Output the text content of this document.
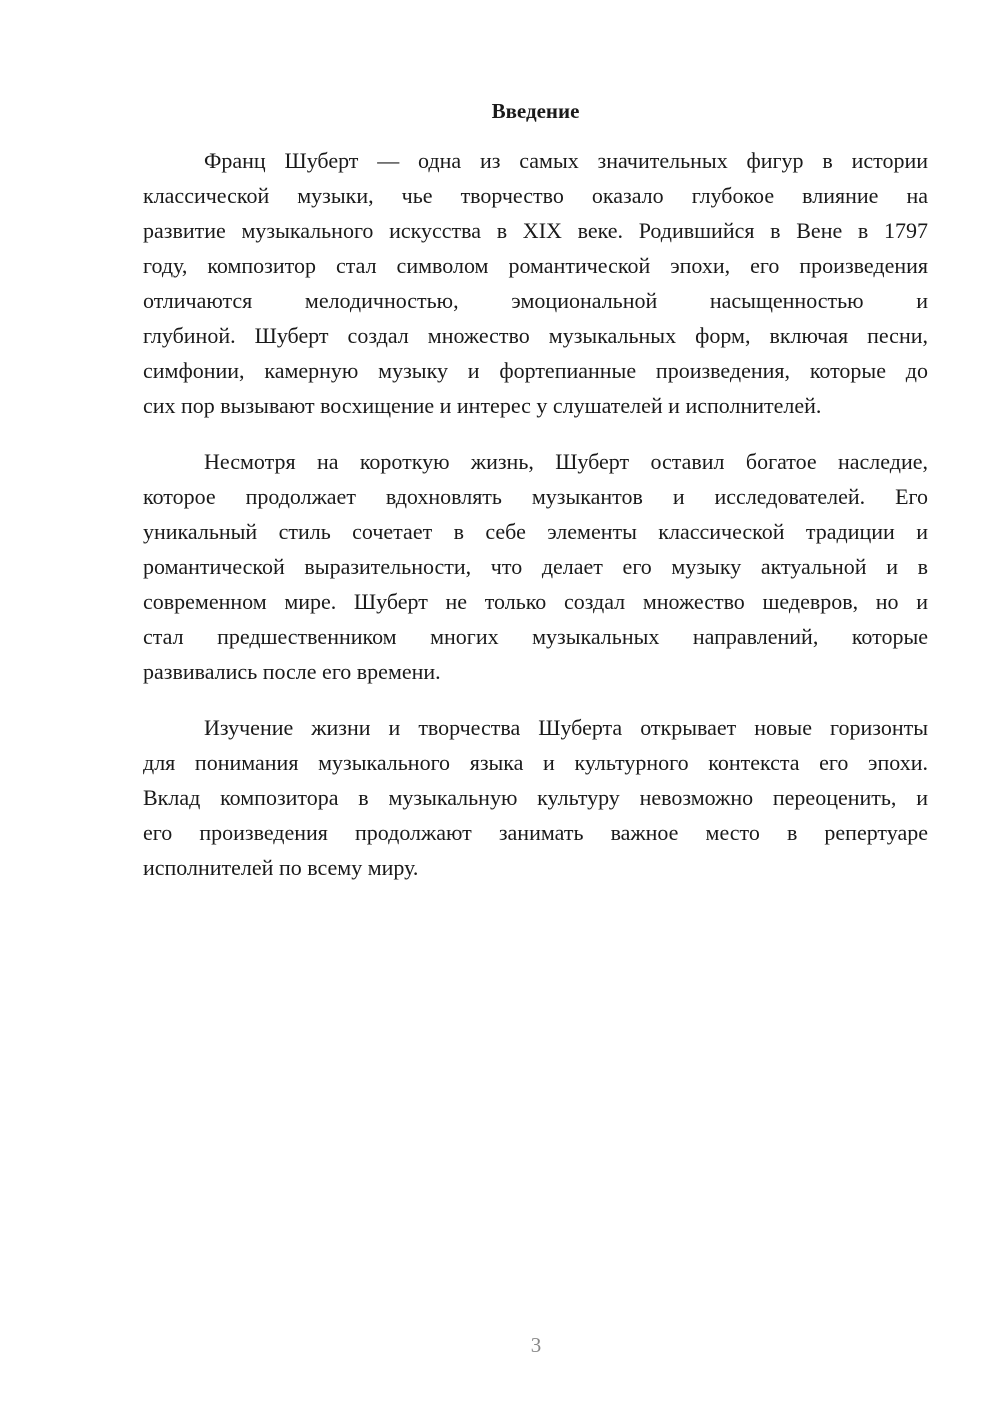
Введение
Франц Шуберт — одна из самых значительных фигур в истории
классической музыки, чье творчество оказало глубокое влияние на
развитие музыкального искусства в XIX веке. Родившийся в Вене в 1797
году, композитор стал символом романтической эпохи, его произведения
отличаются мелодичностью, эмоциональной насыщенностью и
глубиной. Шуберт создал множество музыкальных форм, включая песни,
симфонии, камерную музыку и фортепианные произведения, которые до
сих пор вызывают восхищение и интерес у слушателей и исполнителей.
Несмотря на короткую жизнь, Шуберт оставил богатое наследие,
которое продолжает вдохновлять музыкантов и исследователей. Его
уникальный стиль сочетает в себе элементы классической традиции и
романтической выразительности, что делает его музыку актуальной и в
современном мире. Шуберт не только создал множество шедевров, но и
стал предшественником многих музыкальных направлений, которые
развивались после его времени.
Изучение жизни и творчества Шуберта открывает новые горизонты
для понимания музыкального языка и культурного контекста его эпохи.
Вклад композитора в музыкальную культуру невозможно переоценить, и
его произведения продолжают занимать важное место в репертуаре
исполнителей по всему миру.
3
